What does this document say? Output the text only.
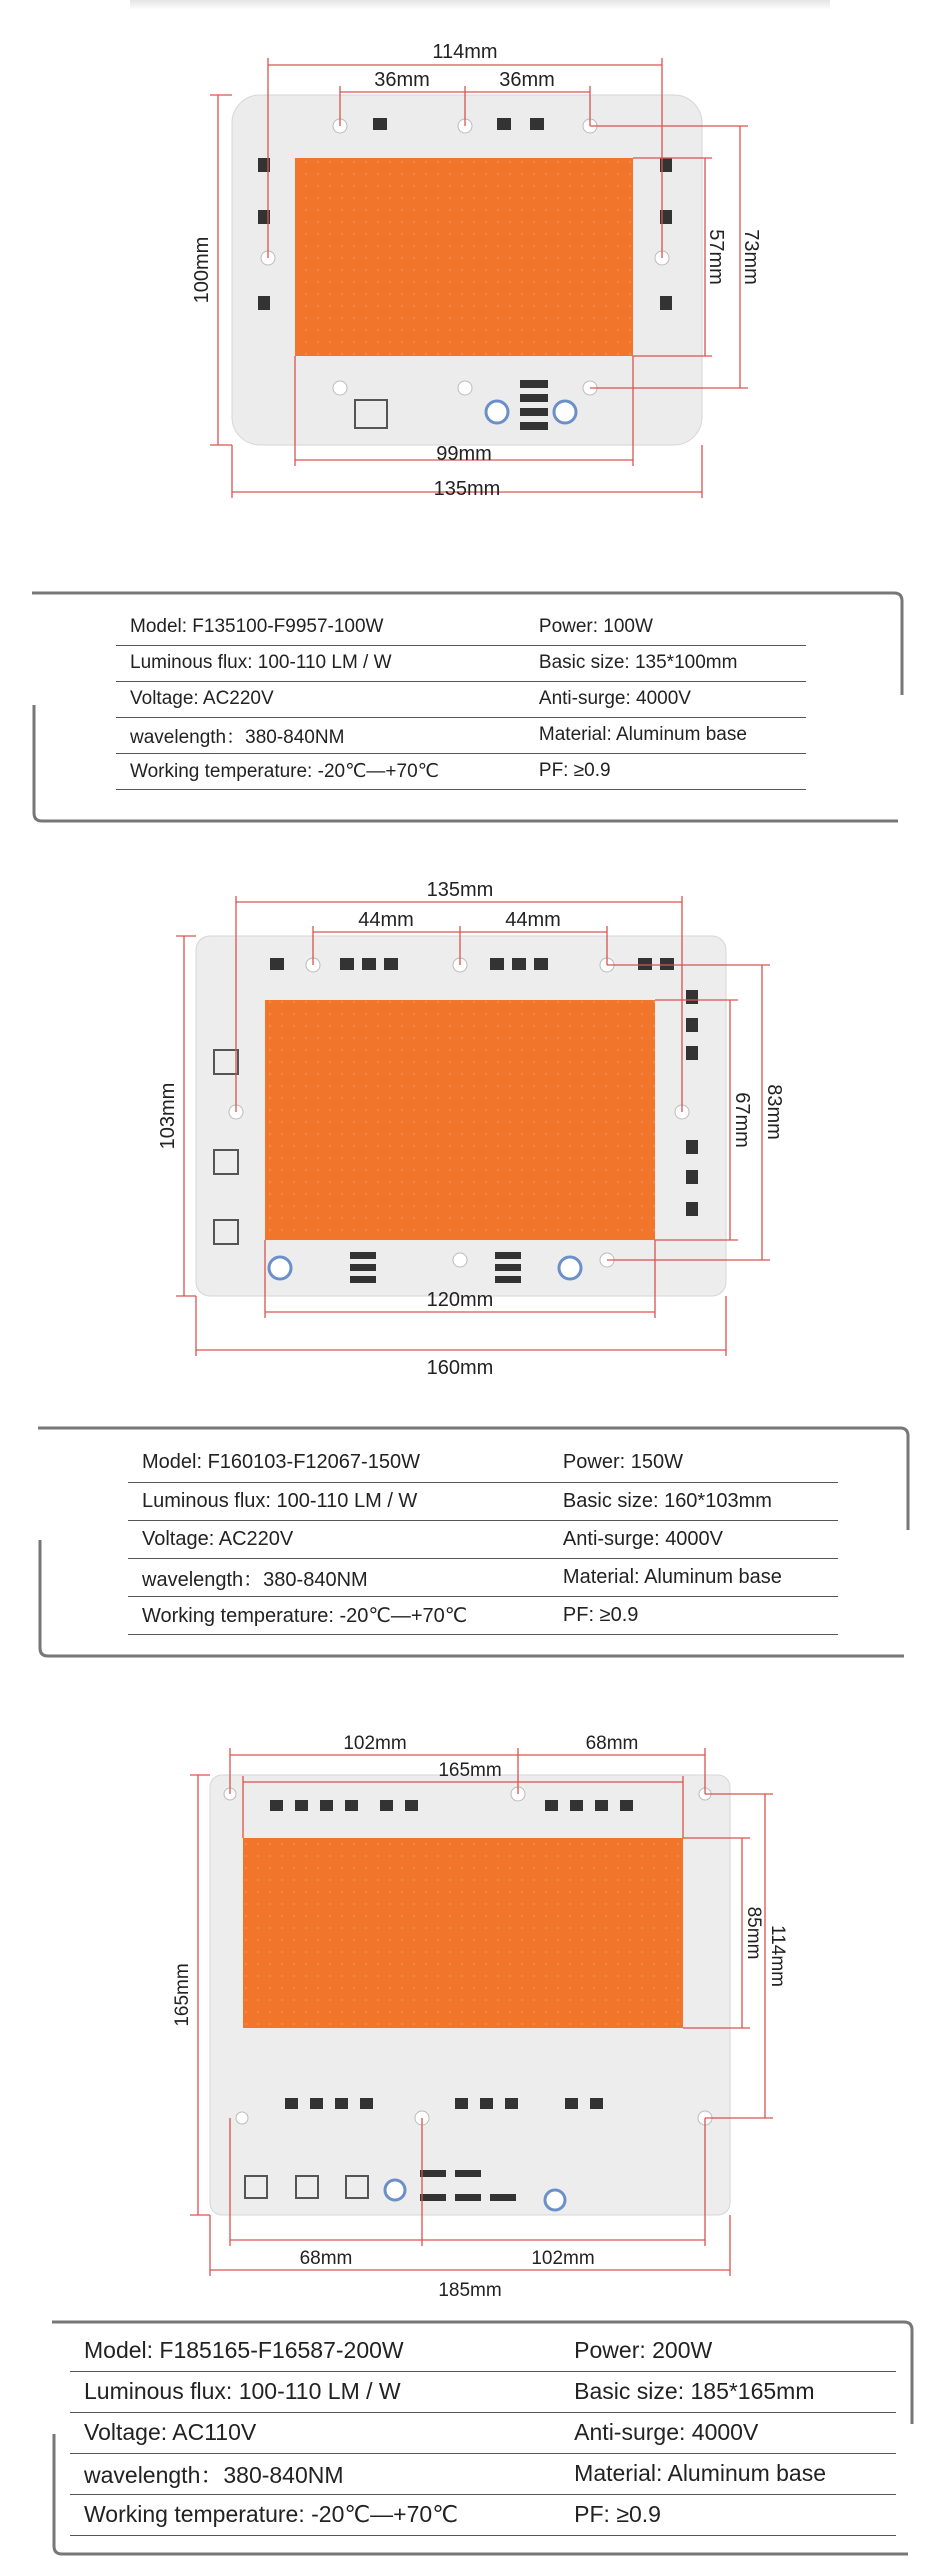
114mm
36mm	36mm
100mm	73mm
57mm
99mm
135mm
Model: F135100-F9957-100W	Power: 100W
Luminous flux: 100-110 LM / W	Basic size: 135*100mm
Voltage: AC220V	Anti-surge: 4000V
wavelength：380-840NM	Material: Aluminum base
Working temperature: -20℃—+70℃	PF: ≥0.9
135mm
44mm	44mm
103mm	83mm
67mm
120mm
160mm
Model: F160103-F12067-150W	Power: 150W
Luminous flux: 100-110 LM / W	Basic size: 160*103mm
Voltage: AC220V	Anti-surge: 4000V
wavelength：380-840NM	Material: Aluminum base
Working temperature: -20℃—+70℃	PF: ≥0.9
102mm	68mm
165mm
165mm
114mm
85mm
68mm	102mm
185mm
Model: F185165-F16587-200W	Power: 200W
Luminous flux: 100-110 LM / W	Basic size: 185*165mm
Voltage: AC110V	Anti-surge: 4000V
wavelength：380-840NM	Material: Aluminum base
Working temperature: -20℃—+70℃	PF: ≥0.9
